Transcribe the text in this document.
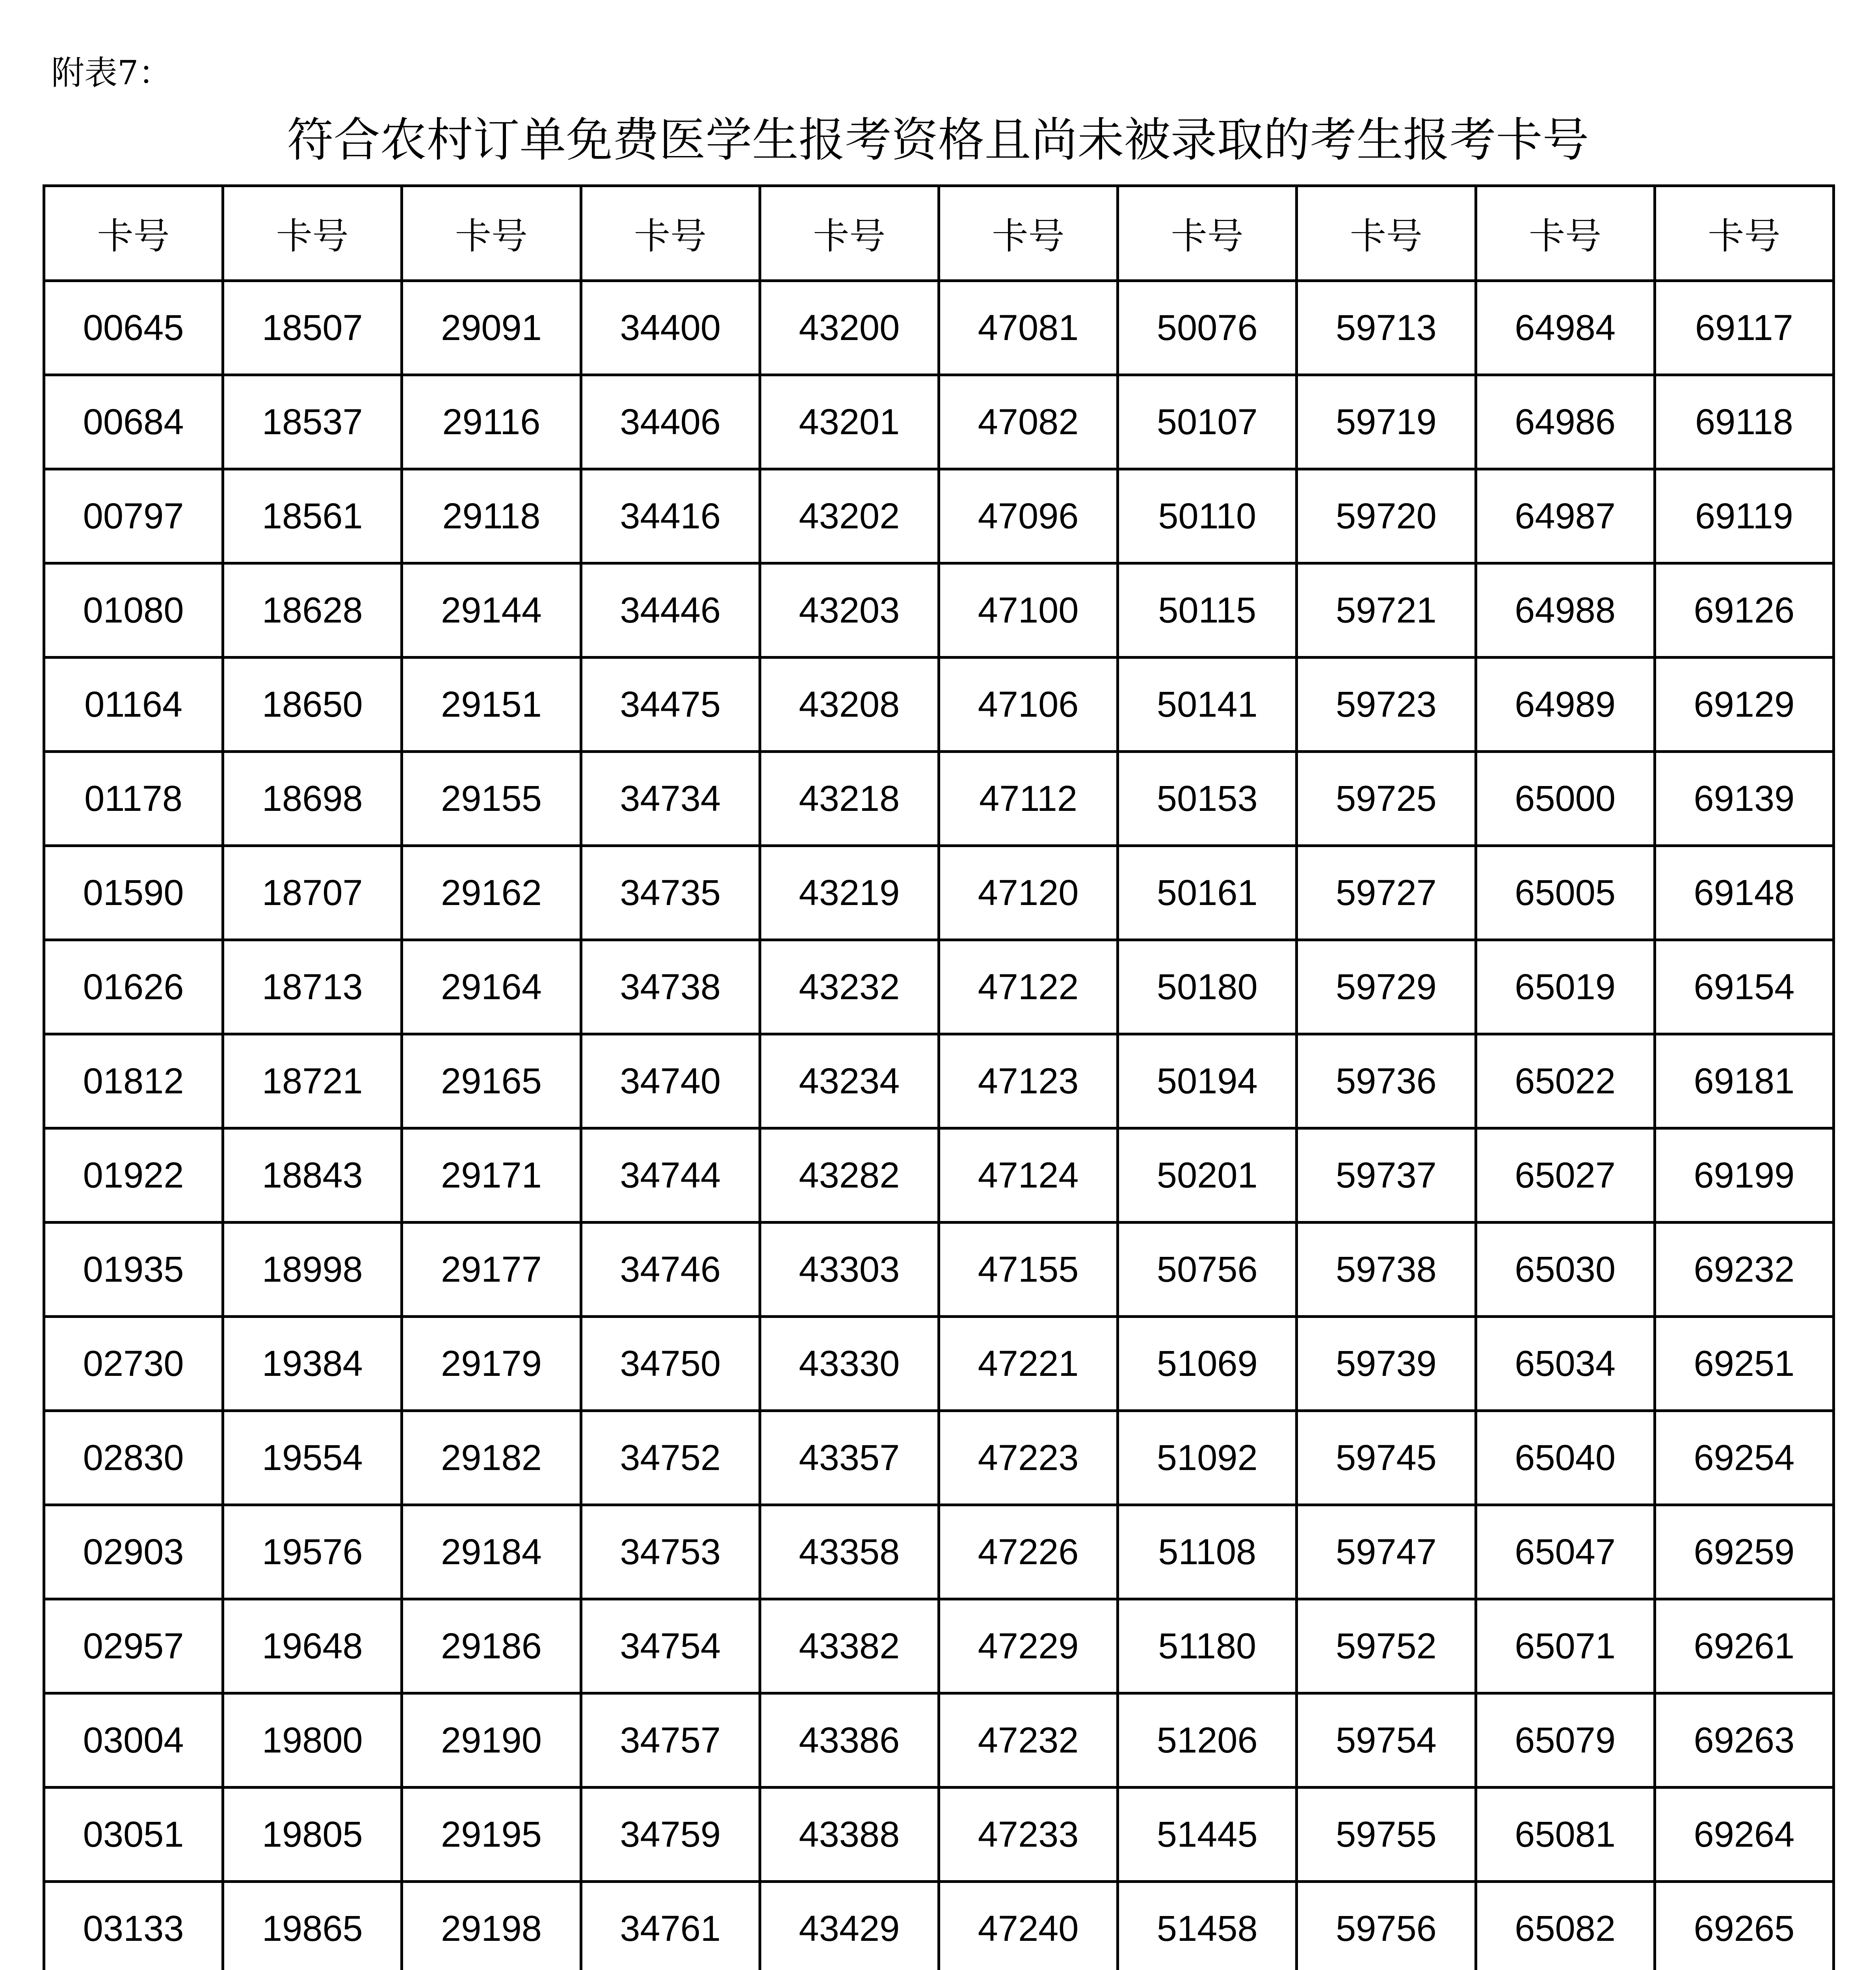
附表7：
符合农村订单免费医学生报考资格且尚未被录取的考生报考卡号
卡号	卡号	卡号	卡号	卡号	卡号	卡号	卡号	卡号	卡号
00645	18507	29091	34400	43200	47081	50076	59713	64984	69117
00684	18537	29116	34406	43201	47082	50107	59719	64986	69118
00797	18561	29118	34416	43202	47096	50110	59720	64987	69119
01080	18628	29144	34446	43203	47100	50115	59721	64988	69126
01164	18650	29151	34475	43208	47106	50141	59723	64989	69129
01178	18698	29155	34734	43218	47112	50153	59725	65000	69139
01590	18707	29162	34735	43219	47120	50161	59727	65005	69148
01626	18713	29164	34738	43232	47122	50180	59729	65019	69154
01812	18721	29165	34740	43234	47123	50194	59736	65022	69181
01922	18843	29171	34744	43282	47124	50201	59737	65027	69199
01935	18998	29177	34746	43303	47155	50756	59738	65030	69232
02730	19384	29179	34750	43330	47221	51069	59739	65034	69251
02830	19554	29182	34752	43357	47223	51092	59745	65040	69254
02903	19576	29184	34753	43358	47226	51108	59747	65047	69259
02957	19648	29186	34754	43382	47229	51180	59752	65071	69261
03004	19800	29190	34757	43386	47232	51206	59754	65079	69263
03051	19805	29195	34759	43388	47233	51445	59755	65081	69264
03133	19865	29198	34761	43429	47240	51458	59756	65082	69265
